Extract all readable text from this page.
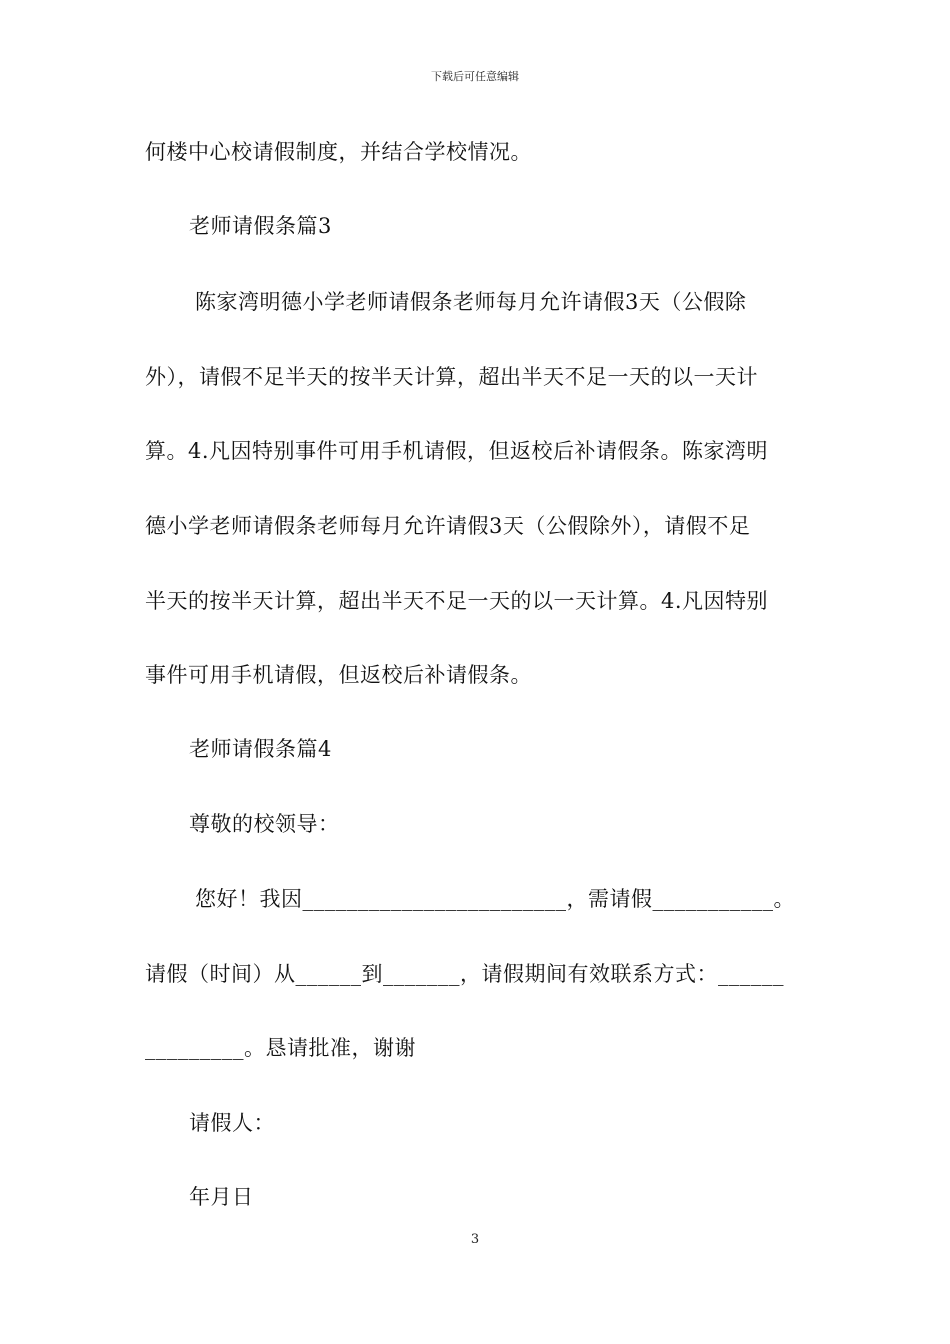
下载后可任意编辑
何楼中心校请假制度，并结合学校情况。
老师请假条篇3
陈家湾明德小学老师请假条老师每月允许请假3天（公假除
外），请假不足半天的按半天计算，超出半天不足一天的以一天计
算。4.凡因特别事件可用手机请假，但返校后补请假条。陈家湾明
德小学老师请假条老师每月允许请假3天（公假除外），请假不足
半天的按半天计算，超出半天不足一天的以一天计算。4.凡因特别
事件可用手机请假，但返校后补请假条。
老师请假条篇4
尊敬的校领导：
您好！我因________________________，需请假___________。
请假（时间）从______到_______，请假期间有效联系方式：______
_________。恳请批准，谢谢
请假人：
年月日
3
